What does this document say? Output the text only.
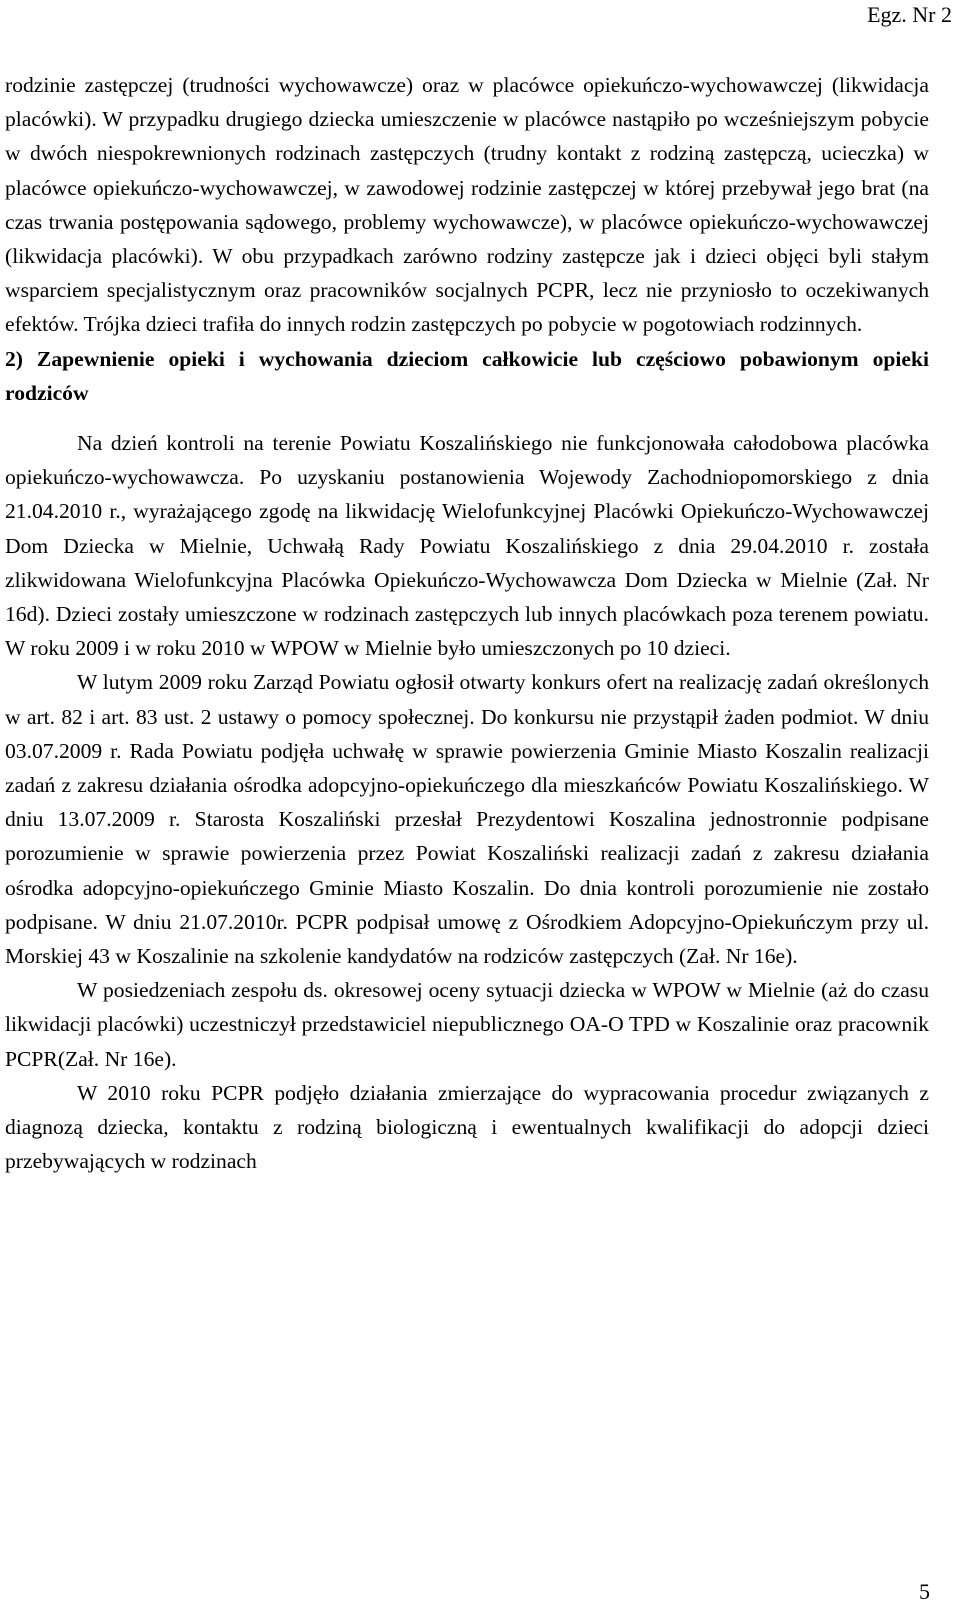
Egz. Nr 2

rodzinie zastępczej (trudności wychowawcze) oraz w placówce opiekuńczo-wychowawczej (likwidacja placówki). W przypadku drugiego dziecka umieszczenie w placówce nastąpiło po wcześniejszym pobycie w dwóch niespokrewnionych rodzinach zastępczych (trudny kontakt z rodziną zastępczą, ucieczka) w placówce opiekuńczo-wychowawczej, w zawodowej rodzinie zastępczej w której przebywał jego brat (na czas trwania postępowania sądowego, problemy wychowawcze), w placówce opiekuńczo-wychowawczej (likwidacja placówki). W obu przypadkach zarówno rodziny zastępcze jak i dzieci objęci byli stałym wsparciem specjalistycznym oraz pracowników socjalnych PCPR, lecz nie przyniosło to oczekiwanych efektów. Trójka dzieci trafiła do innych rodzin zastępczych po pobycie w pogotowiach rodzinnych.

2) Zapewnienie opieki i wychowania dzieciom całkowicie lub częściowo pobawionym opieki rodziców

Na dzień kontroli na terenie Powiatu Koszalińskiego nie funkcjonowała całodobowa placówka opiekuńczo-wychowawcza. Po uzyskaniu postanowienia Wojewody Zachodniopomorskiego z dnia 21.04.2010 r., wyrażającego zgodę na likwidację Wielofunkcyjnej Placówki Opiekuńczo-Wychowawczej Dom Dziecka w Mielnie, Uchwałą Rady Powiatu Koszalińskiego z dnia 29.04.2010 r. została zlikwidowana Wielofunkcyjna Placówka Opiekuńczo-Wychowawcza Dom Dziecka w Mielnie (Zał. Nr 16d). Dzieci zostały umieszczone w rodzinach zastępczych lub innych placówkach poza terenem powiatu. W roku 2009 i w roku 2010 w WPOW w Mielnie było umieszczonych po 10 dzieci.

W lutym 2009 roku Zarząd Powiatu ogłosił otwarty konkurs ofert na realizację zadań określonych w art. 82 i art. 83 ust. 2 ustawy o pomocy społecznej. Do konkursu nie przystąpił żaden podmiot. W dniu 03.07.2009 r. Rada Powiatu podjęła uchwałę w sprawie powierzenia Gminie Miasto Koszalin realizacji zadań z zakresu działania ośrodka adopcyjno-opiekuńczego dla mieszkańców Powiatu Koszalińskiego. W dniu 13.07.2009 r. Starosta Koszaliński przesłał Prezydentowi Koszalina jednostronnie podpisane porozumienie w sprawie powierzenia przez Powiat Koszaliński realizacji zadań z zakresu działania ośrodka adopcyjno-opiekuńczego Gminie Miasto Koszalin. Do dnia kontroli porozumienie nie zostało podpisane. W dniu 21.07.2010r. PCPR podpisał umowę z Ośrodkiem Adopcyjno-Opiekuńczym przy ul. Morskiej 43 w Koszalinie na szkolenie kandydatów na rodziców zastępczych (Zał. Nr 16e).

W posiedzeniach zespołu ds. okresowej oceny sytuacji dziecka w WPOW w Mielnie (aż do czasu likwidacji placówki) uczestniczył przedstawiciel niepublicznego OA-O TPD w Koszalinie oraz pracownik PCPR(Zał. Nr 16e).

W 2010 roku PCPR podjęło działania zmierzające do wypracowania procedur związanych z diagnozą dziecka, kontaktu z rodziną biologiczną i ewentualnych kwalifikacji do adopcji dzieci przebywających w rodzinach

5
